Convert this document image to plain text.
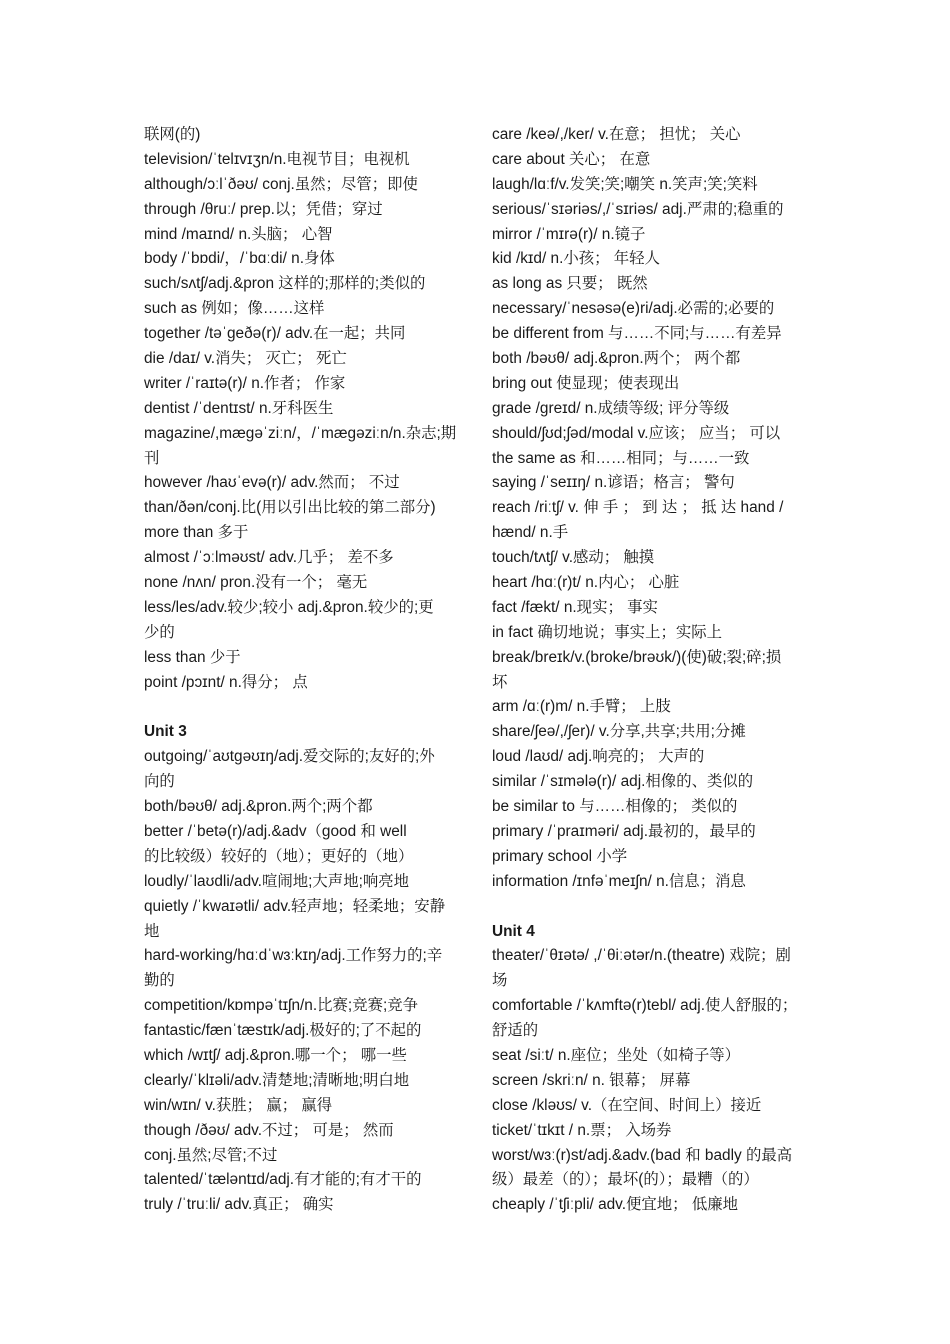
联网(的)
television/ˈtelɪvɪʒn/n.电视节目；电视机
although/ɔːlˈðəʊ/ conj.虽然；尽管；即使
through /θruː/ prep.以；凭借；穿过
mind /maɪnd/ n.头脑； 心智
body /ˈbɒdi/，/ˈbɑːdi/ n.身体
such/sʌtʃ/adj.&pron 这样的;那样的;类似的
such as 例如；像……这样
together /təˈgeðə(r)/ adv.在一起；共同
die /daɪ/ v.消失； 灭亡； 死亡
writer /ˈraɪtə(r)/ n.作者； 作家
dentist /ˈdentɪst/ n.牙科医生
magazine/,mægəˈziːn/，/ˈmægəziːn/n.杂志;期
刊
however /haʊˈevə(r)/ adv.然而； 不过
than/ðən/conj.比(用以引出比较的第二部分)
more than 多于
almost /ˈɔːlməʊst/ adv.几乎； 差不多
none /nʌn/ pron.没有一个； 毫无
less/les/adv.较少;较小 adj.&pron.较少的;更
少的
less than 少于
point /pɔɪnt/ n.得分； 点
Unit 3
outgoing/ˈaʊtɡəʊɪŋ/adj.爱交际的;友好的;外
向的
both/bəʊθ/ adj.&pron.两个;两个都
better /ˈbetə(r)/adj.&adv（good 和 well
的比较级）较好的（地）；更好的（地）
loudly/ˈlaʊdli/adv.喧闹地;大声地;响亮地
quietly /ˈkwaɪətli/ adv.轻声地；轻柔地；安静
地
hard-working/hɑːdˈwɜːkɪŋ/adj.工作努力的;辛
勤的
competition/kɒmpəˈtɪʃn/n.比赛;竞赛;竞争
fantastic/fænˈtæstɪk/adj.极好的;了不起的
which /wɪtʃ/ adj.&pron.哪一个； 哪一些
clearly/ˈklɪəli/adv.清楚地;清晰地;明白地
win/wɪn/ v.获胜； 赢； 赢得
though /ðəʊ/ adv.不过； 可是； 然而
conj.虽然;尽管;不过
talented/ˈtæləntɪd/adj.有才能的;有才干的
truly /ˈtruːli/ adv.真正； 确实
care /keə/,/ker/ v.在意； 担忧； 关心
care about 关心； 在意
laugh/lɑːf/v.发笑;笑;嘲笑 n.笑声;笑;笑料
serious/ˈsɪəriəs/,/ˈsɪriəs/ adj.严肃的;稳重的
mirror /ˈmɪrə(r)/ n.镜子
kid /kɪd/ n.小孩； 年轻人
as long as 只要； 既然
necessary/ˈnesəsə(e)ri/adj.必需的;必要的
be different from 与……不同;与……有差异
both /bəʊθ/ adj.&pron.两个； 两个都
bring out 使显现；使表现出
grade /greɪd/ n.成绩等级; 评分等级
should/ʃʊd;ʃəd/modal v.应该； 应当； 可以
the same as 和……相同；与……一致
saying /ˈseɪɪŋ/ n.谚语；格言； 警句
reach /riːtʃ/ v. 伸 手 ； 到 达 ； 抵 达 hand /
hænd/ n.手
touch/tʌtʃ/ v.感动； 触摸
heart /hɑː(r)t/ n.内心； 心脏
fact /fækt/ n.现实； 事实
in fact 确切地说；事实上；实际上
break/breɪk/v.(broke/brəʊk/)(使)破;裂;碎;损
坏
arm /ɑː(r)m/ n.手臂； 上肢
share/ʃeə/,/ʃer)/ v.分享,共享;共用;分摊
loud /laʊd/ adj.响亮的； 大声的
similar /ˈsɪmələ(r)/ adj.相像的、类似的
be similar to 与……相像的； 类似的
primary /ˈpraɪməri/ adj.最初的，最早的
primary school 小学
information /ɪnfəˈmeɪʃn/ n.信息；消息
Unit 4
theater/ˈθɪətə/ ,/ˈθiːətər/n.(theatre) 戏院；剧
场
comfortable /ˈkʌmftə(r)tebl/ adj.使人舒服的；
舒适的
seat /siːt/ n.座位；坐处（如椅子等）
screen /skriːn/ n. 银幕； 屏幕
close /kləʊs/ v.（在空间、时间上）接近
ticket/ˈtɪkɪt / n.票； 入场券
worst/wɜː(r)st/adj.&adv.(bad 和 badly 的最高
级）最差（的）；最坏(的）；最糟（的）
cheaply /ˈtʃiːpli/ adv.便宜地； 低廉地
